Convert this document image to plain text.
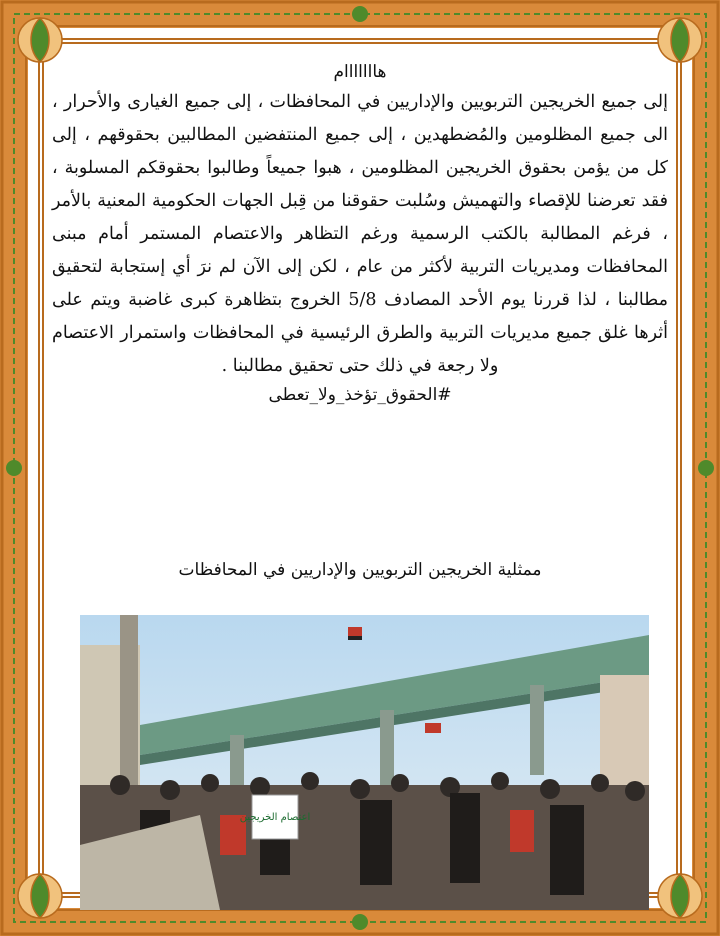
هااااااام

إلى جميع الخريجين التربويين والإداريين في المحافظات ، إلى جميع الغيارى والأحرار ، الى جميع المظلومين والمُضطهدين ، إلى جميع المنتفضين المطالبين بحقوقهم ، إلى كل من يؤمن بحقوق الخريجين المظلومين ، هبوا جميعاً وطالبوا بحقوقكم المسلوبة ، فقد تعرضنا للإقصاء والتهميش وسُلبت حقوقنا من قِبل الجهات الحكومية المعنية بالأمر ، فرغم المطالبة بالكتب الرسمية ورغم التظاهر والاعتصام المستمر أمام مبنى المحافظات ومديريات التربية لأكثر من عام ، لكن إلى الآن لم نرَ أي إستجابة لتحقيق مطالبنا ، لذا قررنا يوم الأحد المصادف 5/8 الخروج بتظاهرة كبرى غاضبة ويتم على أثرها غلق جميع مديريات التربية والطرق الرئيسية في المحافظات واستمرار الاعتصام ولا رجعة في ذلك حتى تحقيق مطالبنا .

#الحقوق_تؤخذ_ولا_تعطى

ممثلية الخريجين التربويين والإداريين في المحافظات
اعتصام الخريجين
